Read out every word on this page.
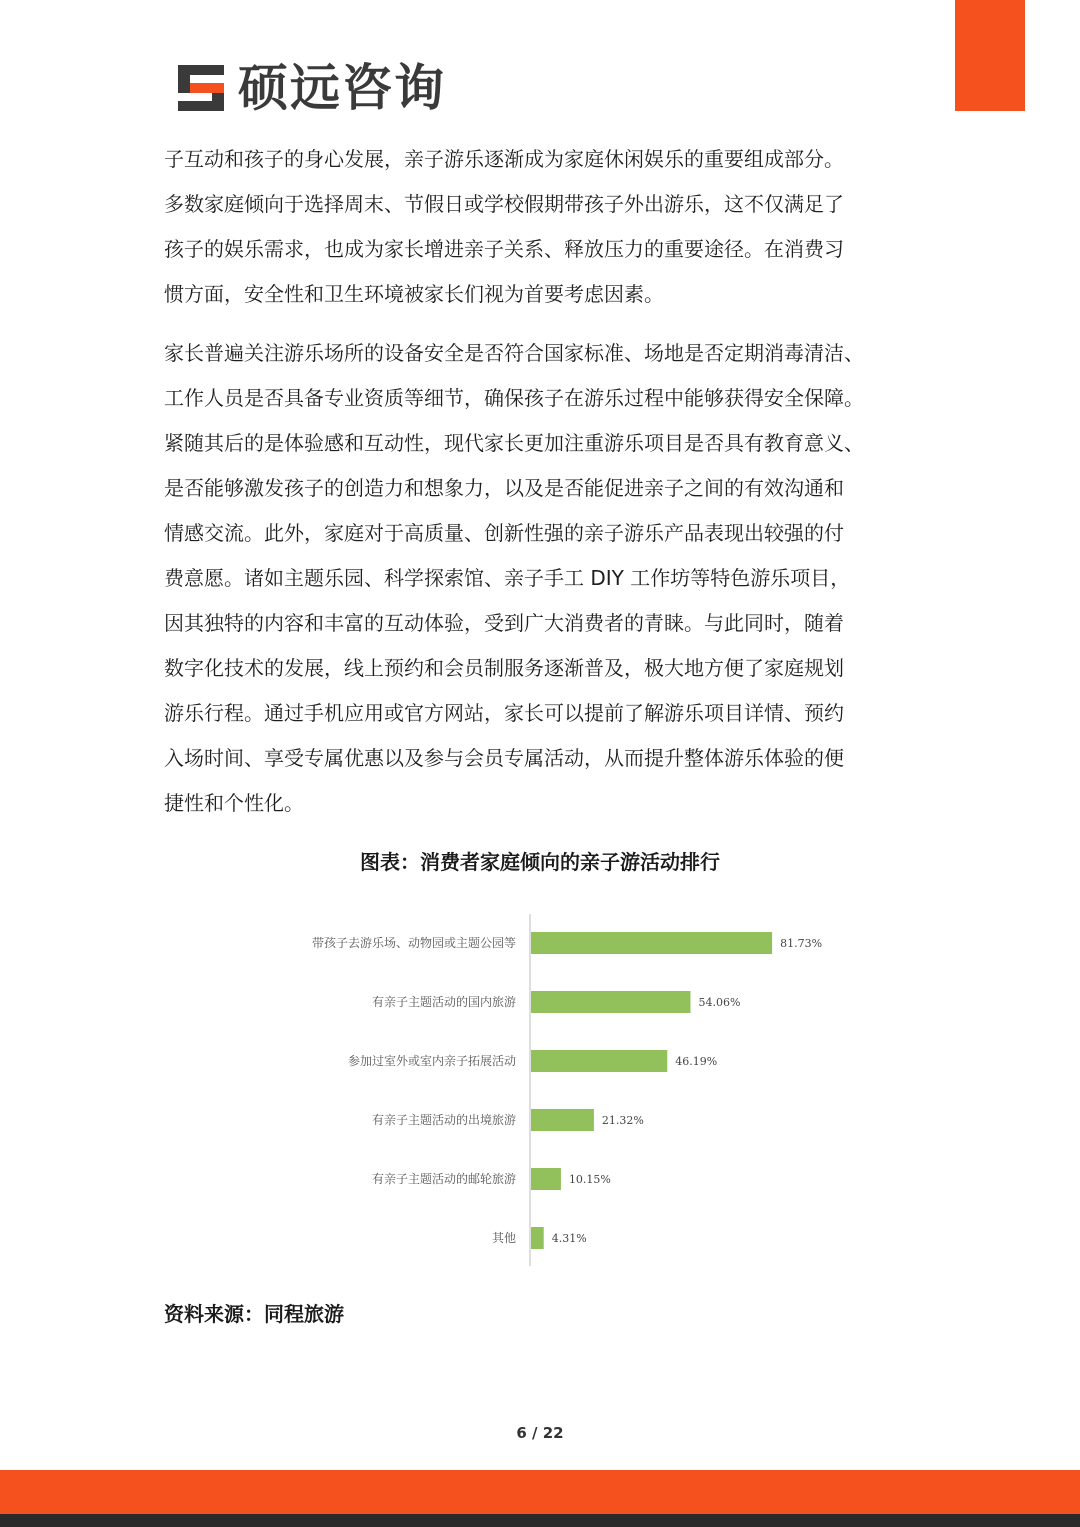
硕远咨询

子互动和孩子的身心发展，亲子游乐逐渐成为家庭休闲娱乐的重要组成部分。
多数家庭倾向于选择周末、节假日或学校假期带孩子外出游乐，这不仅满足了
孩子的娱乐需求，也成为家长增进亲子关系、释放压力的重要途径。在消费习
惯方面，安全性和卫生环境被家长们视为首要考虑因素。

家长普遍关注游乐场所的设备安全是否符合国家标准、场地是否定期消毒清洁、
工作人员是否具备专业资质等细节，确保孩子在游乐过程中能够获得安全保障。
紧随其后的是体验感和互动性，现代家长更加注重游乐项目是否具有教育意义、
是否能够激发孩子的创造力和想象力，以及是否能促进亲子之间的有效沟通和
情感交流。此外，家庭对于高质量、创新性强的亲子游乐产品表现出较强的付
费意愿。诸如主题乐园、科学探索馆、亲子手工 DIY 工作坊等特色游乐项目，
因其独特的内容和丰富的互动体验，受到广大消费者的青睐。与此同时，随着
数字化技术的发展，线上预约和会员制服务逐渐普及，极大地方便了家庭规划
游乐行程。通过手机应用或官方网站，家长可以提前了解游乐项目详情、预约
入场时间、享受专属优惠以及参与会员专属活动，从而提升整体游乐体验的便
捷性和个性化。

图表：消费者家庭倾向的亲子游活动排行
带孩子去游乐场、动物园或主题公园等	81.73%
有亲子主题活动的国内旅游	54.06%
参加过室外或室内亲子拓展活动	46.19%
有亲子主题活动的出境旅游	21.32%
有亲子主题活动的邮轮旅游	10.15%
其他	4.31%
资料来源：同程旅游
6 / 22
